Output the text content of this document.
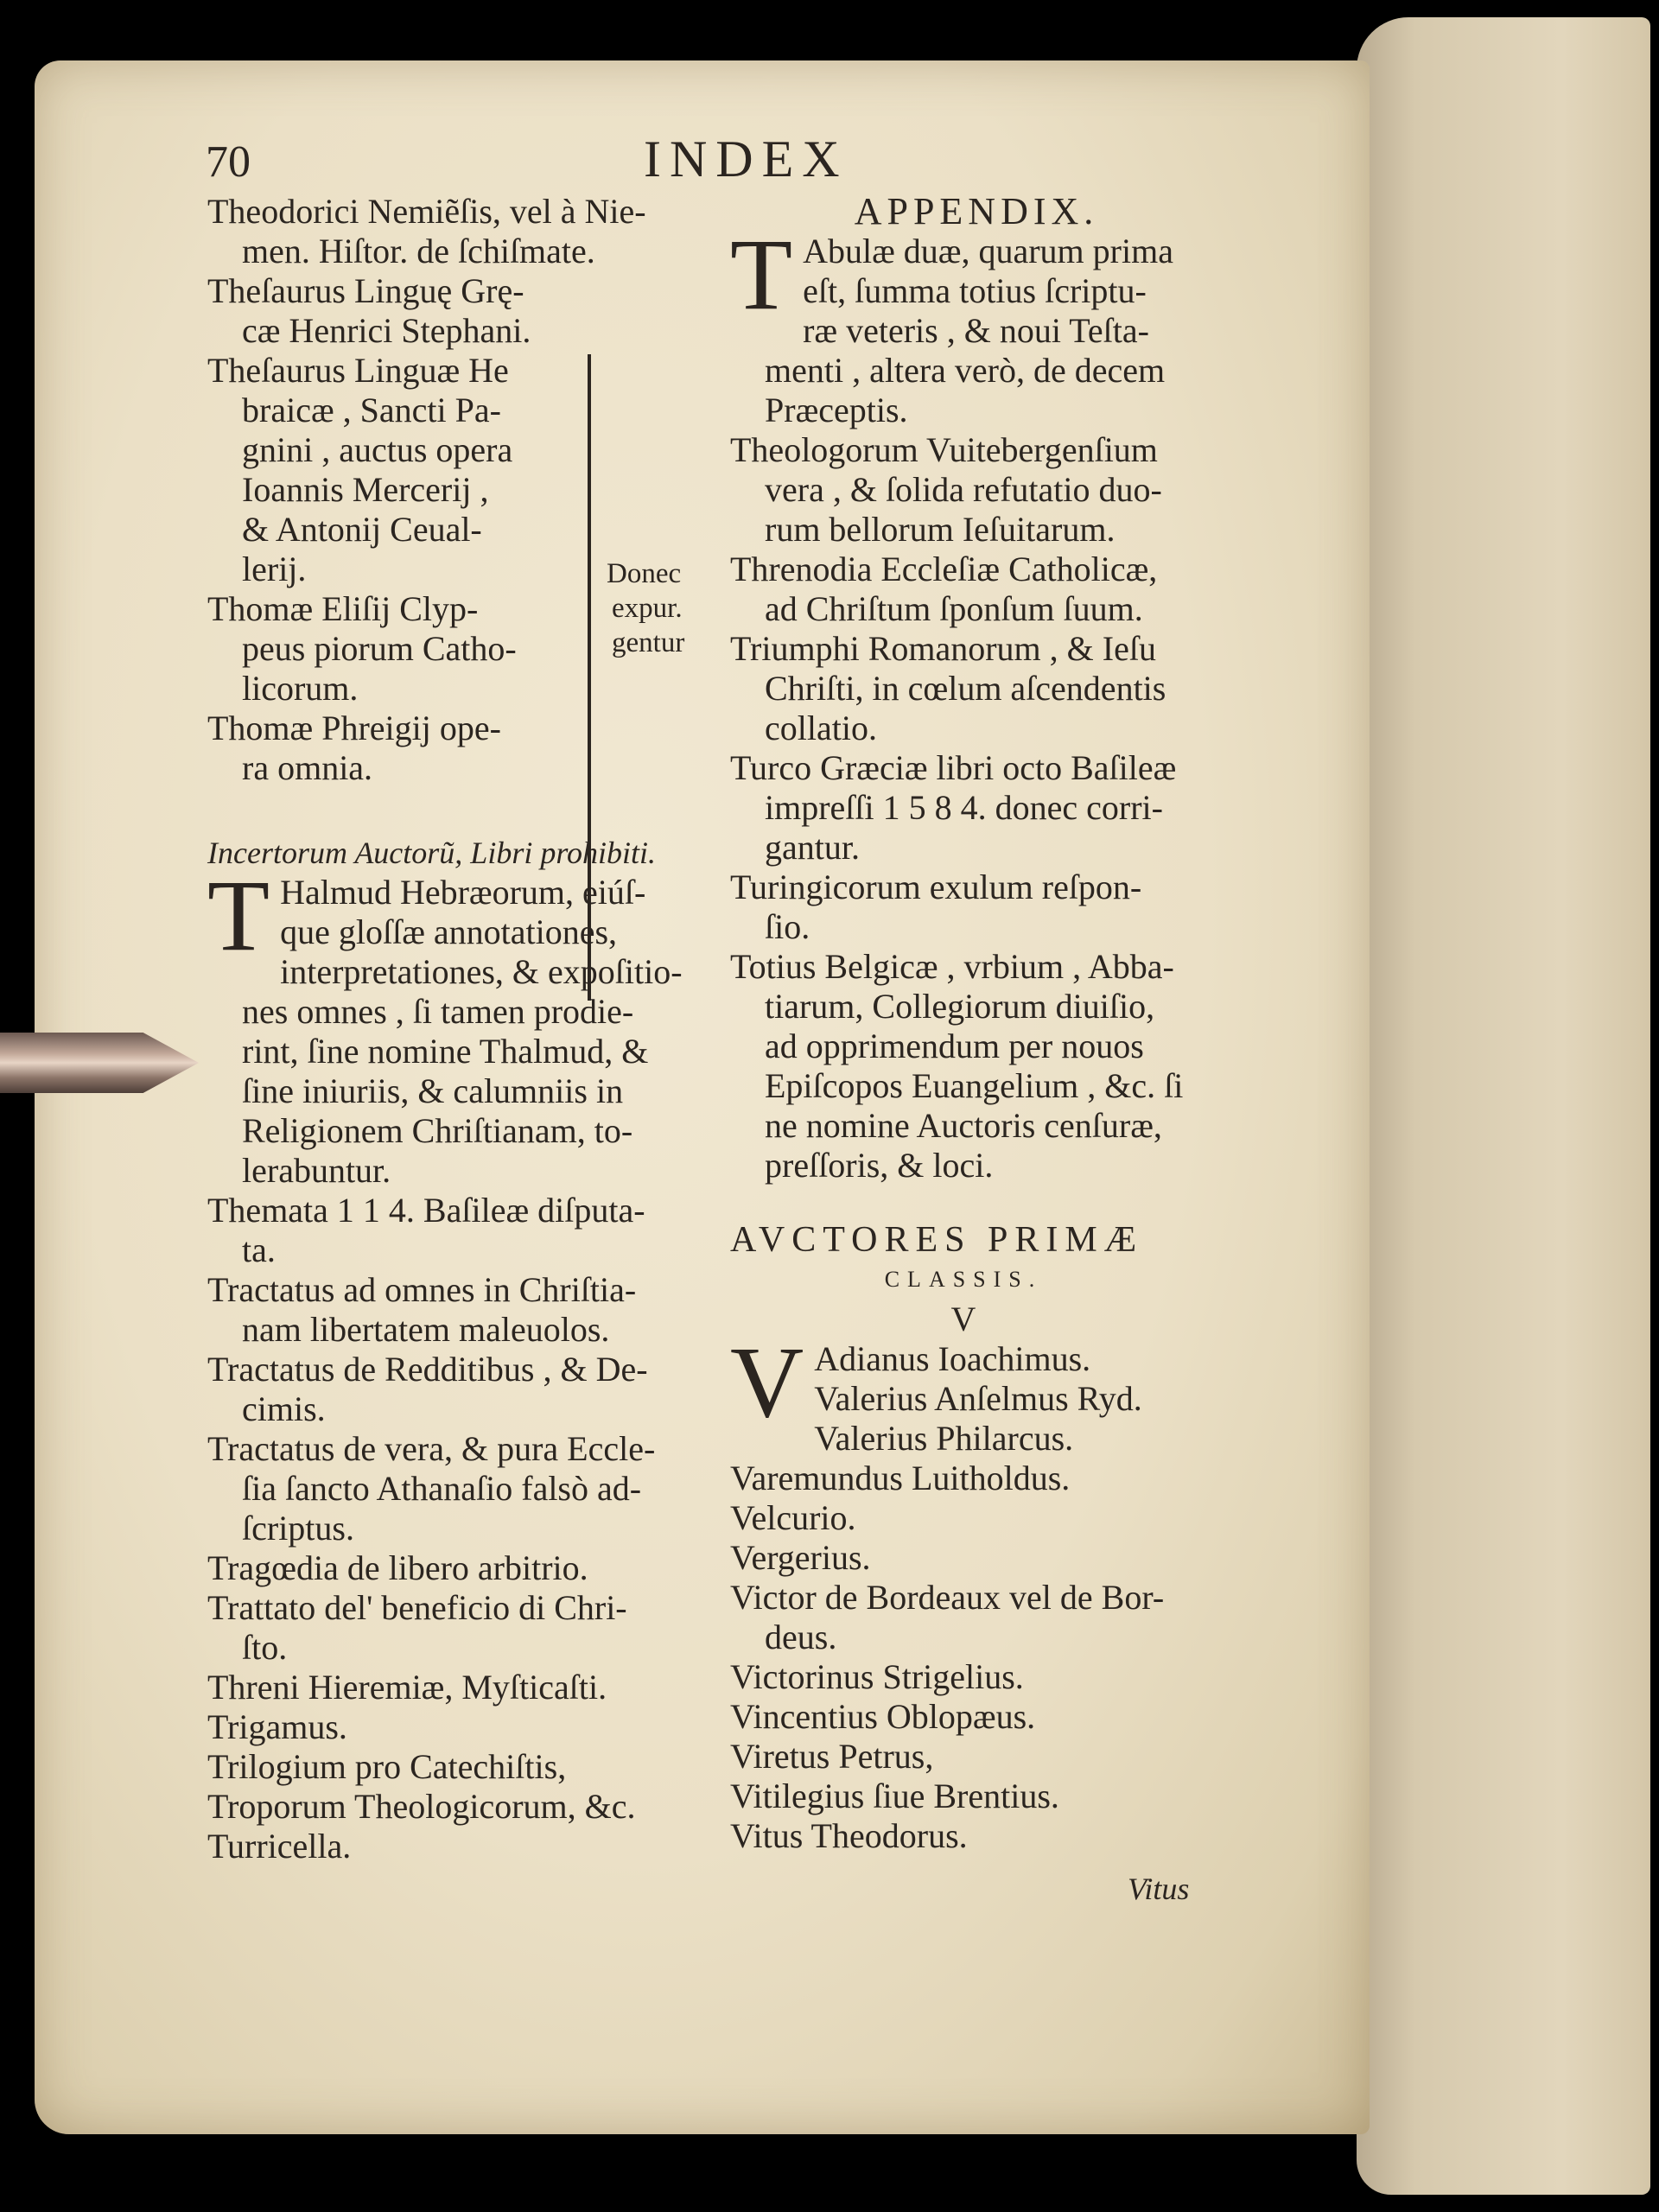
70	INDEX
Theodorici Nemiẽſis, vel à Nie-
men. Hiſtor. de ſchiſmate.
Theſaurus Linguę Grę-
cæ Henrici Stephani.
Theſaurus Linguæ He
braicæ , Sancti Pa-
gnini , auctus opera
Ioannis Mercerij ,
& Antonij Ceual-
lerij.
Thomæ Eliſij Clyp-
peus piorum Catho-
licorum.
Thomæ Phreigij ope-
ra omnia.
Donec
expur.
gentur
Incertorum Auctorũ, Libri prohibiti.
T Halmud Hebræorum, eiúſ-
que gloſſæ annotationes,
interpretationes, & expoſitio-
nes omnes , ſi tamen prodie-
rint, ſine nomine Thalmud, &
ſine iniuriis, & calumniis in
Religionem Chriſtianam, to-
lerabuntur.
Themata 1 1 4. Baſileæ diſputa-
ta.
Tractatus ad omnes in Chriſtia-
nam libertatem maleuolos.
Tractatus de Redditibus , & De-
cimis.
Tractatus de vera, & pura Eccle-
ſia ſancto Athanaſio falsò ad-
ſcriptus.
Tragœdia de libero arbitrio.
Trattato del' beneficio di Chri-
ſto.
Threni Hieremiæ, Myſticaſti.
Trigamus.
Trilogium pro Catechiſtis,
Troporum Theologicorum, &c.
Turricella.
APPENDIX.
T Abulæ duæ, quarum prima
eſt, ſumma totius ſcriptu-
ræ veteris , & noui Teſta-
menti , altera verò, de decem
Præceptis.
Theologorum Vuitebergenſium
vera , & ſolida refutatio duo-
rum bellorum Ieſuitarum.
Threnodia Eccleſiæ Catholicæ,
ad Chriſtum ſponſum ſuum.
Triumphi Romanorum , & Ieſu
Chriſti, in cœlum aſcendentis
collatio.
Turco Græciæ libri octo Baſileæ
impreſſi 1 5 8 4. donec corri-
gantur.
Turingicorum exulum reſpon-
ſio.
Totius Belgicæ , vrbium , Abba-
tiarum, Collegiorum diuiſio,
ad opprimendum per nouos
Epiſcopos Euangelium , &c. ſi
ne nomine Auctoris cenſuræ,
preſſoris, & loci.
AVCTORES PRIMÆ
CLASSIS.
V
V Adianus Ioachimus.
Valerius Anſelmus Ryd.
Valerius Philarcus.
Varemundus Luitholdus.
Velcurio.
Vergerius.
Victor de Bordeaux vel de Bor-
deus.
Victorinus Strigelius.
Vincentius Oblopæus.
Viretus Petrus,
Vitilegius ſiue Brentius.
Vitus Theodorus.
Vitus
